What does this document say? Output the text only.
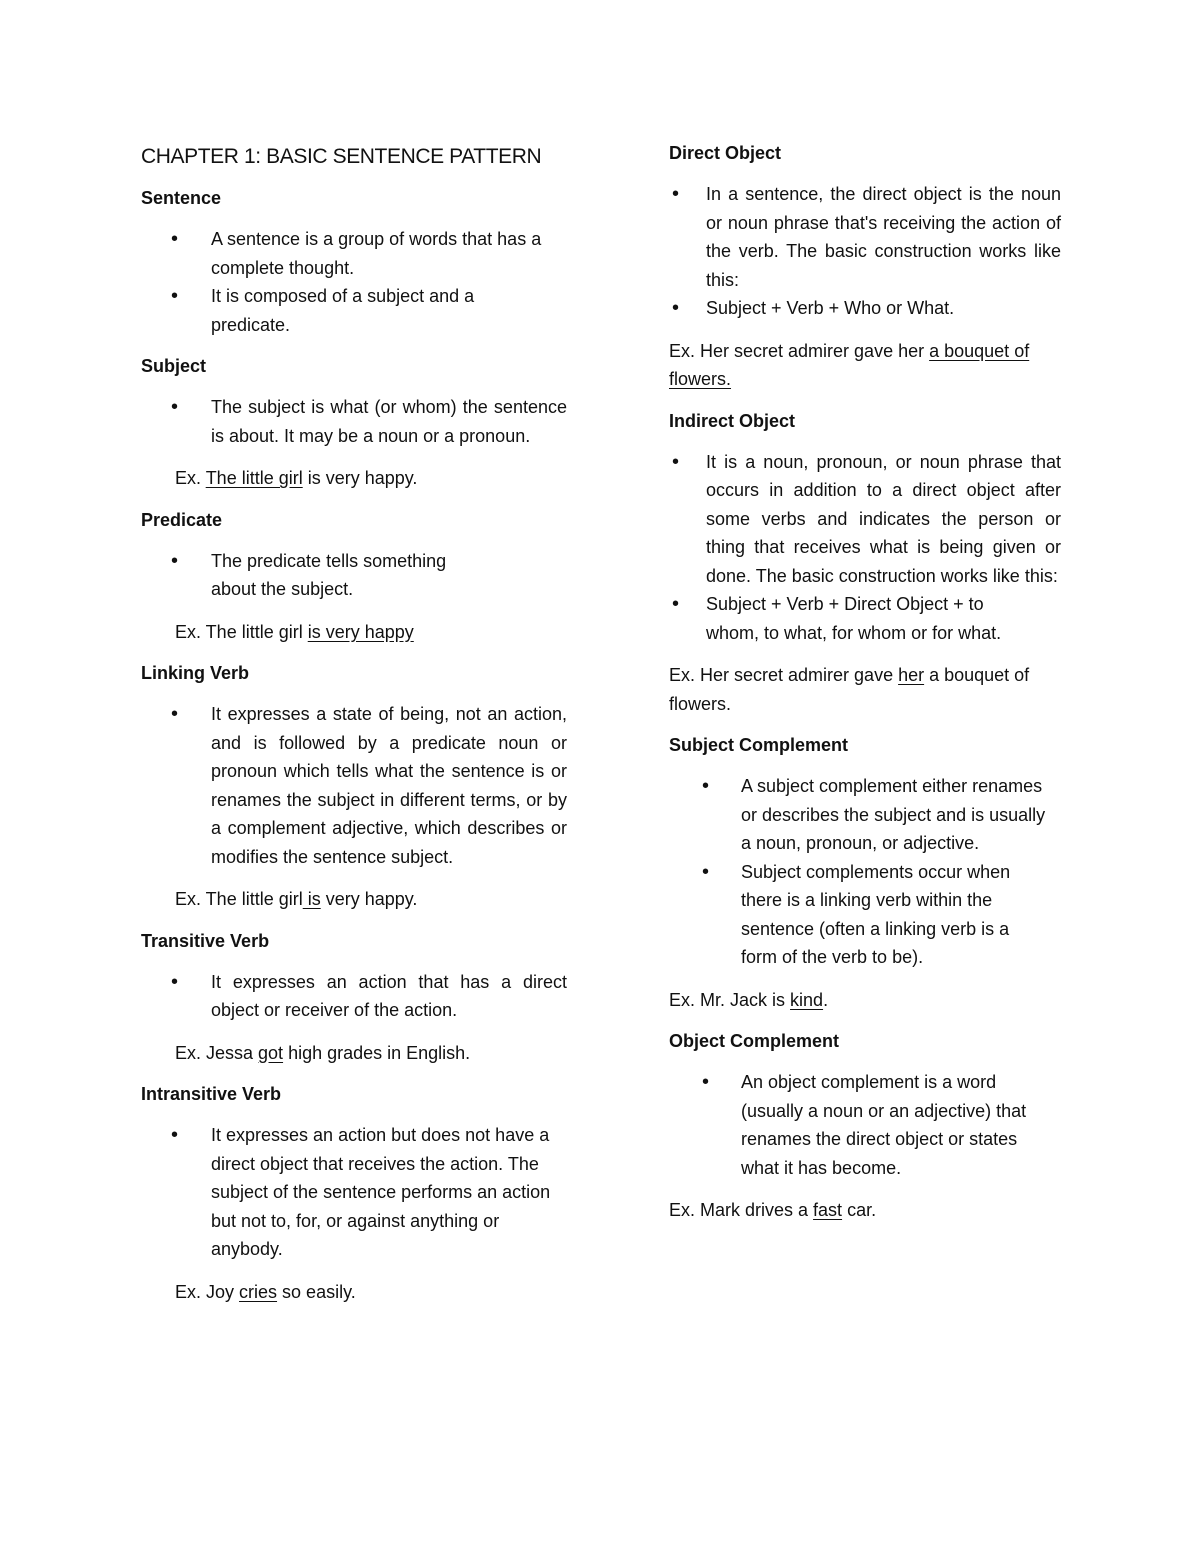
CHAPTER 1: BASIC SENTENCE PATTERN
Sentence
• A sentence is a group of words that has a complete thought.
• It is composed of a subject and a predicate.
Subject
• The subject is what (or whom) the sentence is about. It may be a noun or a pronoun.
Ex. The little girl is very happy.
Predicate
• The predicate tells something about the subject.
Ex. The little girl is very happy
Linking Verb
• It expresses a state of being, not an action, and is followed by a predicate noun or pronoun which tells what the sentence is or renames the subject in different terms, or by a complement adjective, which describes or modifies the sentence subject.
Ex. The little girl is very happy.
Transitive Verb
• It expresses an action that has a direct object or receiver of the action.
Ex. Jessa got high grades in English.
Intransitive Verb
• It expresses an action but does not have a direct object that receives the action. The subject of the sentence performs an action but not to, for, or against anything or anybody.
Ex. Joy cries so easily.
Direct Object
• In a sentence, the direct object is the noun or noun phrase that's receiving the action of the verb. The basic construction works like this:
• Subject + Verb + Who or What.
Ex. Her secret admirer gave her a bouquet of flowers.
Indirect Object
• It is a noun, pronoun, or noun phrase that occurs in addition to a direct object after some verbs and indicates the person or thing that receives what is being given or done. The basic construction works like this:
• Subject + Verb + Direct Object + to whom, to what, for whom or for what.
Ex. Her secret admirer gave her a bouquet of flowers.
Subject Complement
• A subject complement either renames or describes the subject and is usually a noun, pronoun, or adjective.
• Subject complements occur when there is a linking verb within the sentence (often a linking verb is a form of the verb to be).
Ex. Mr. Jack is kind.
Object Complement
• An object complement is a word (usually a noun or an adjective) that renames the direct object or states what it has become.
Ex. Mark drives a fast car.
